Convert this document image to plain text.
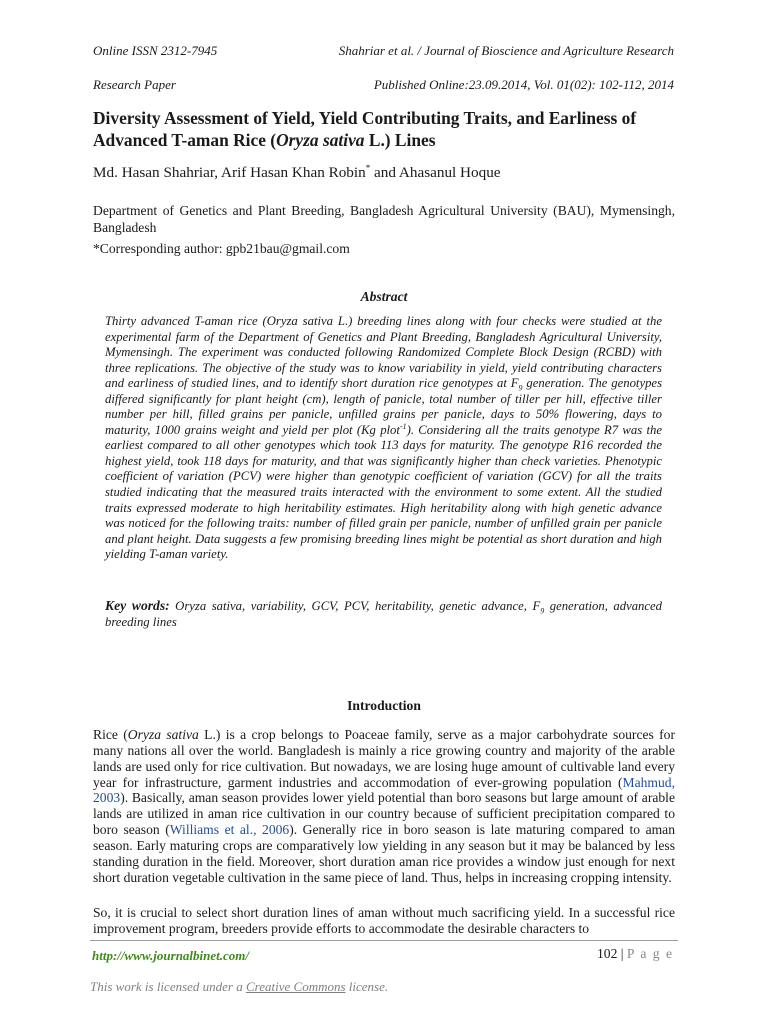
Online ISSN 2312-7945	Shahriar et al. / Journal of Bioscience and Agriculture Research
Research Paper	Published Online:23.09.2014, Vol. 01(02): 102-112, 2014
Diversity Assessment of Yield, Yield Contributing Traits, and Earliness of Advanced T-aman Rice (Oryza sativa L.) Lines
Md. Hasan Shahriar, Arif Hasan Khan Robin* and Ahasanul Hoque
Department of Genetics and Plant Breeding, Bangladesh Agricultural University (BAU), Mymensingh, Bangladesh
*Corresponding author: gpb21bau@gmail.com
Abstract
Thirty advanced T-aman rice (Oryza sativa L.) breeding lines along with four checks were studied at the experimental farm of the Department of Genetics and Plant Breeding, Bangladesh Agricultural University, Mymensingh. The experiment was conducted following Randomized Complete Block Design (RCBD) with three replications. The objective of the study was to know variability in yield, yield contributing characters and earliness of studied lines, and to identify short duration rice genotypes at $F_9$ generation. The genotypes differed significantly for plant height (cm), length of panicle, total number of tiller per hill, effective tiller number per hill, filled grains per panicle, unfilled grains per panicle, days to 50% flowering, days to maturity, 1000 grains weight and yield per plot (Kg plot$^{-1}$). Considering all the traits genotype R7 was the earliest compared to all other genotypes which took 113 days for maturity. The genotype R16 recorded the highest yield, took 118 days for maturity, and that was significantly higher than check varieties. Phenotypic coefficient of variation (PCV) were higher than genotypic coefficient of variation (GCV) for all the traits studied indicating that the measured traits interacted with the environment to some extent. All the studied traits expressed moderate to high heritability estimates. High heritability along with high genetic advance was noticed for the following traits: number of filled grain per panicle, number of unfilled grain per panicle and plant height. Data suggests a few promising breeding lines might be potential as short duration and high yielding T-aman variety.
Key words: Oryza sativa, variability, GCV, PCV, heritability, genetic advance, $F_9$ generation, advanced breeding lines
Introduction
Rice (Oryza sativa L.) is a crop belongs to Poaceae family, serve as a major carbohydrate sources for many nations all over the world. Bangladesh is mainly a rice growing country and majority of the arable lands are used only for rice cultivation. But nowadays, we are losing huge amount of cultivable land every year for infrastructure, garment industries and accommodation of ever-growing population (Mahmud, 2003). Basically, aman season provides lower yield potential than boro seasons but large amount of arable lands are utilized in aman rice cultivation in our country because of sufficient precipitation compared to boro season (Williams et al., 2006). Generally rice in boro season is late maturing compared to aman season. Early maturing crops are comparatively low yielding in any season but it may be balanced by less standing duration in the field. Moreover, short duration aman rice provides a window just enough for next short duration vegetable cultivation in the same piece of land. Thus, helps in increasing cropping intensity.
So, it is crucial to select short duration lines of aman without much sacrificing yield. In a successful rice improvement program, breeders provide efforts to accommodate the desirable characters to
http://www.journalbinet.com/	102 | P a g e
This work is licensed under a Creative Commons license.
